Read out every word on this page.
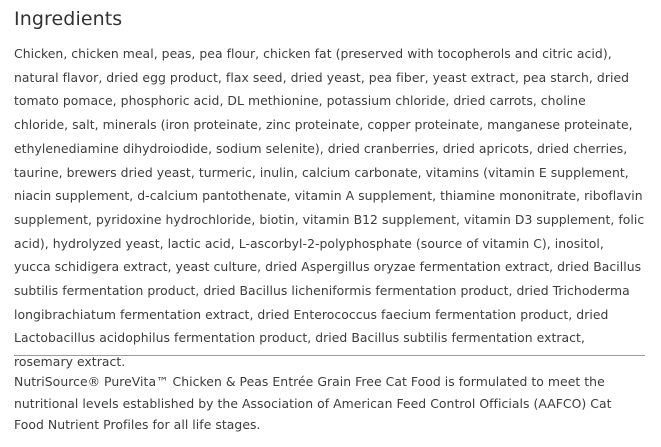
Ingredients

Chicken, chicken meal, peas, pea flour, chicken fat (preserved with tocopherols and citric acid),
natural flavor, dried egg product, flax seed, dried yeast, pea fiber, yeast extract, pea starch, dried
tomato pomace, phosphoric acid, DL methionine, potassium chloride, dried carrots, choline
chloride, salt, minerals (iron proteinate, zinc proteinate, copper proteinate, manganese proteinate,
ethylenediamine dihydroiodide, sodium selenite), dried cranberries, dried apricots, dried cherries,
taurine, brewers dried yeast, turmeric, inulin, calcium carbonate, vitamins (vitamin E supplement,
niacin supplement, d-calcium pantothenate, vitamin A supplement, thiamine mononitrate, riboflavin
supplement, pyridoxine hydrochloride, biotin, vitamin B12 supplement, vitamin D3 supplement, folic
acid), hydrolyzed yeast, lactic acid, L-ascorbyl-2-polyphosphate (source of vitamin C), inositol,
yucca schidigera extract, yeast culture, dried Aspergillus oryzae fermentation extract, dried Bacillus
subtilis fermentation product, dried Bacillus licheniformis fermentation product, dried Trichoderma
longibrachiatum fermentation extract, dried Enterococcus faecium fermentation product, dried
Lactobacillus acidophilus fermentation product, dried Bacillus subtilis fermentation extract,
rosemary extract.

NutriSource® PureVita™ Chicken & Peas Entrée Grain Free Cat Food is formulated to meet the
nutritional levels established by the Association of American Feed Control Officials (AAFCO) Cat
Food Nutrient Profiles for all life stages.
